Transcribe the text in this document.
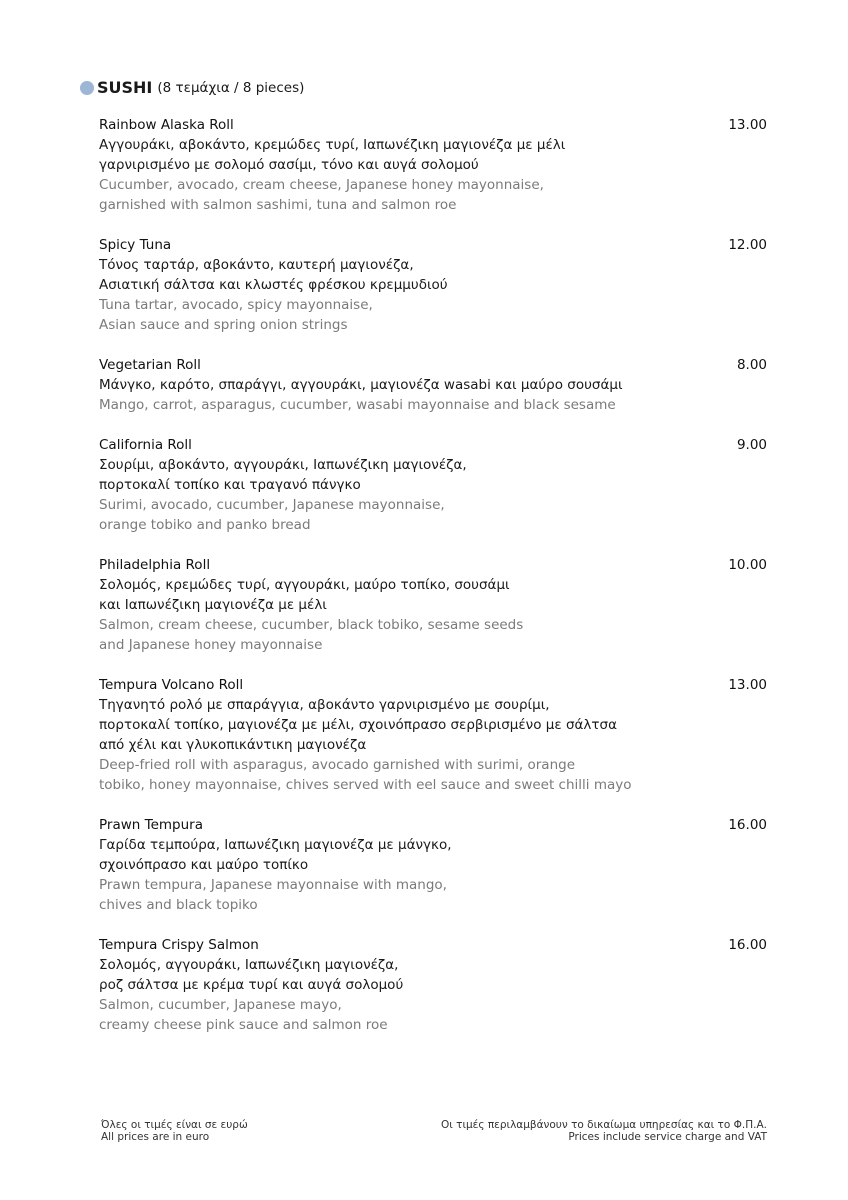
SUSHI (8 τεμάχια / 8 pieces)
Rainbow Alaska Roll	13.00
Αγγουράκι, αβοκάντο, κρεμώδες τυρί, Ιαπωνέζικη μαγιονέζα με μέλι
γαρνιρισμένο με σολομό σασίμι, τόνο και αυγά σολομού
Cucumber, avocado, cream cheese, Japanese honey mayonnaise,
garnished with salmon sashimi, tuna and salmon roe
Spicy Tuna	12.00
Τόνος ταρτάρ, αβοκάντο, καυτερή μαγιονέζα,
Ασιατική σάλτσα και κλωστές φρέσκου κρεμμυδιού
Tuna tartar, avocado, spicy mayonnaise,
Asian sauce and spring onion strings
Vegetarian Roll	8.00
Μάνγκο, καρότο, σπαράγγι, αγγουράκι, μαγιονέζα wasabi και μαύρο σουσάμι
Mango, carrot, asparagus, cucumber, wasabi mayonnaise and black sesame
California Roll	9.00
Σουρίμι, αβοκάντο, αγγουράκι, Ιαπωνέζικη μαγιονέζα,
πορτοκαλί τοπίκο και τραγανό πάνγκο
Surimi, avocado, cucumber, Japanese mayonnaise,
orange tobiko and panko bread
Philadelphia Roll	10.00
Σολομός, κρεμώδες τυρί, αγγουράκι, μαύρο τοπίκο, σουσάμι
και Ιαπωνέζικη μαγιονέζα με μέλι
Salmon, cream cheese, cucumber, black tobiko, sesame seeds
and Japanese honey mayonnaise
Tempura Volcano Roll	13.00
Τηγανητό ρολό με σπαράγγια, αβοκάντο γαρνιρισμένο με σουρίμι,
πορτοκαλί τοπίκο, μαγιονέζα με μέλι, σχοινόπρασο σερβιρισμένο με σάλτσα
από χέλι και γλυκοπικάντικη μαγιονέζα
Deep-fried roll with asparagus, avocado garnished with surimi, orange
tobiko, honey mayonnaise, chives served with eel sauce and sweet chilli mayo
Prawn Tempura	16.00
Γαρίδα τεμπούρα, Ιαπωνέζικη μαγιονέζα με μάνγκο,
σχοινόπρασο και μαύρο τοπίκο
Prawn tempura, Japanese mayonnaise with mango,
chives and black topiko
Tempura Crispy Salmon	16.00
Σολομός, αγγουράκι, Ιαπωνέζικη μαγιονέζα,
ροζ σάλτσα με κρέμα τυρί και αυγά σολομού
Salmon, cucumber, Japanese mayo,
creamy cheese pink sauce and salmon roe
Όλες οι τιμές είναι σε ευρώ
All prices are in euro
Οι τιμές περιλαμβάνουν το δικαίωμα υπηρεσίας και το Φ.Π.Α.
Prices include service charge and VAT
